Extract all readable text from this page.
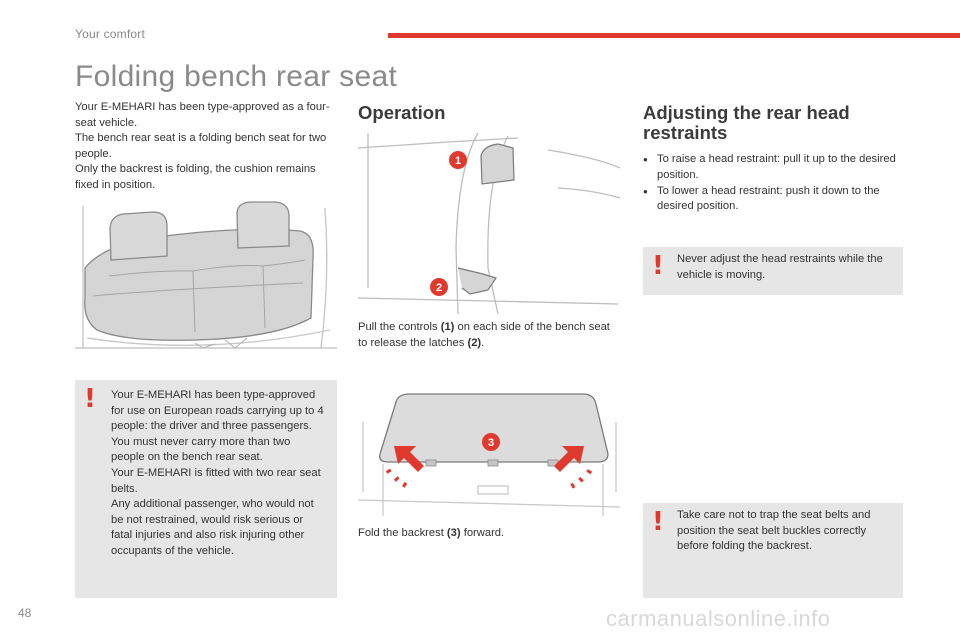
Your comfort
Folding bench rear seat
Your E-MEHARI has been type-approved as a four-seat vehicle.
The bench rear seat is a folding bench seat for two people.
Only the backrest is folding, the cushion remains fixed in position.
! Your E-MEHARI has been type-approved for use on European roads carrying up to 4 people: the driver and three passengers.
You must never carry more than two people on the bench rear seat.
Your E-MEHARI is fitted with two rear seat belts.
Any additional passenger, who would not be not restrained, would risk serious or fatal injuries and also risk injuring other occupants of the vehicle.
Operation
1
2
Pull the controls (1) on each side of the bench seat to release the latches (2).
3
Fold the backrest (3) forward.
Adjusting the rear head restraints
● To raise a head restraint: pull it up to the desired position.
● To lower a head restraint: push it down to the desired position.
! Never adjust the head restraints while the vehicle is moving.
! Take care not to trap the seat belts and position the seat belt buckles correctly before folding the backrest.
48	carmanualsonline.info
